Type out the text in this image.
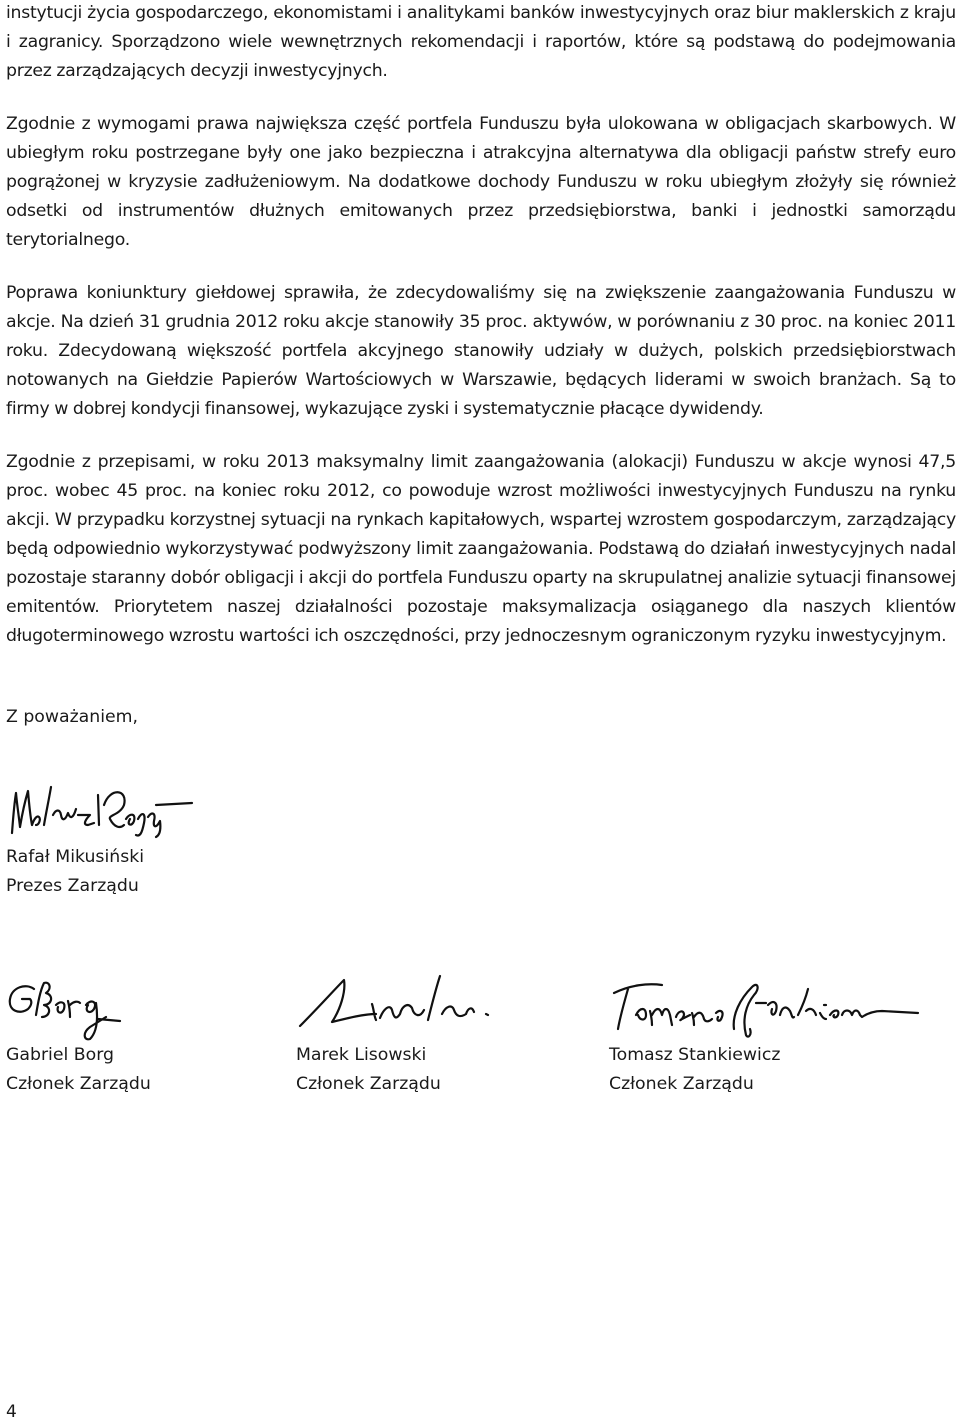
instytucji życia gospodarczego, ekonomistami i analitykami banków inwestycyjnych oraz biur maklerskich z kraju i zagranicy. Sporządzono wiele wewnętrznych rekomendacji i raportów, które są podstawą do podejmowania przez zarządzających decyzji inwestycyjnych.

Zgodnie z wymogami prawa największa część portfela Funduszu była ulokowana w obligacjach skarbowych. W ubiegłym roku postrzegane były one jako bezpieczna i atrakcyjna alternatywa dla obligacji państw strefy euro pogrążonej w kryzysie zadłużeniowym. Na dodatkowe dochody Funduszu w roku ubiegłym złożyły się również odsetki od instrumentów dłużnych emitowanych przez przedsiębiorstwa, banki i jednostki samorządu terytorialnego.

Poprawa koniunktury giełdowej sprawiła, że zdecydowaliśmy się na zwiększenie zaangażowania Funduszu w akcje. Na dzień 31 grudnia 2012 roku akcje stanowiły 35 proc. aktywów, w porównaniu z 30 proc. na koniec 2011 roku. Zdecydowaną większość portfela akcyjnego stanowiły udziały w dużych, polskich przedsiębiorstwach notowanych na Giełdzie Papierów Wartościowych w Warszawie, będących liderami w swoich branżach. Są to firmy w dobrej kondycji finansowej, wykazujące zyski i systematycznie płacące dywidendy.

Zgodnie z przepisami, w roku 2013 maksymalny limit zaangażowania (alokacji) Funduszu w akcje wynosi 47,5 proc. wobec 45 proc. na koniec roku 2012, co powoduje wzrost możliwości inwestycyjnych Funduszu na rynku akcji. W przypadku korzystnej sytuacji na rynkach kapitałowych, wspartej wzrostem gospodarczym, zarządzający będą odpowiednio wykorzystywać podwyższony limit zaangażowania. Podstawą do działań inwestycyjnych nadal pozostaje staranny dobór obligacji i akcji do portfela Funduszu oparty na skrupulatnej analizie sytuacji finansowej emitentów. Priorytetem naszej działalności pozostaje maksymalizacja osiąganego dla naszych klientów długoterminowego wzrostu wartości ich oszczędności, przy jednoczesnym ograniczonym ryzyku inwestycyjnym.

Z poważaniem,
Rafał Mikusiński
Prezes Zarządu
Gabriel Borg
Członek Zarządu
Marek Lisowski
Członek Zarządu
Tomasz Stankiewicz
Członek Zarządu
4
